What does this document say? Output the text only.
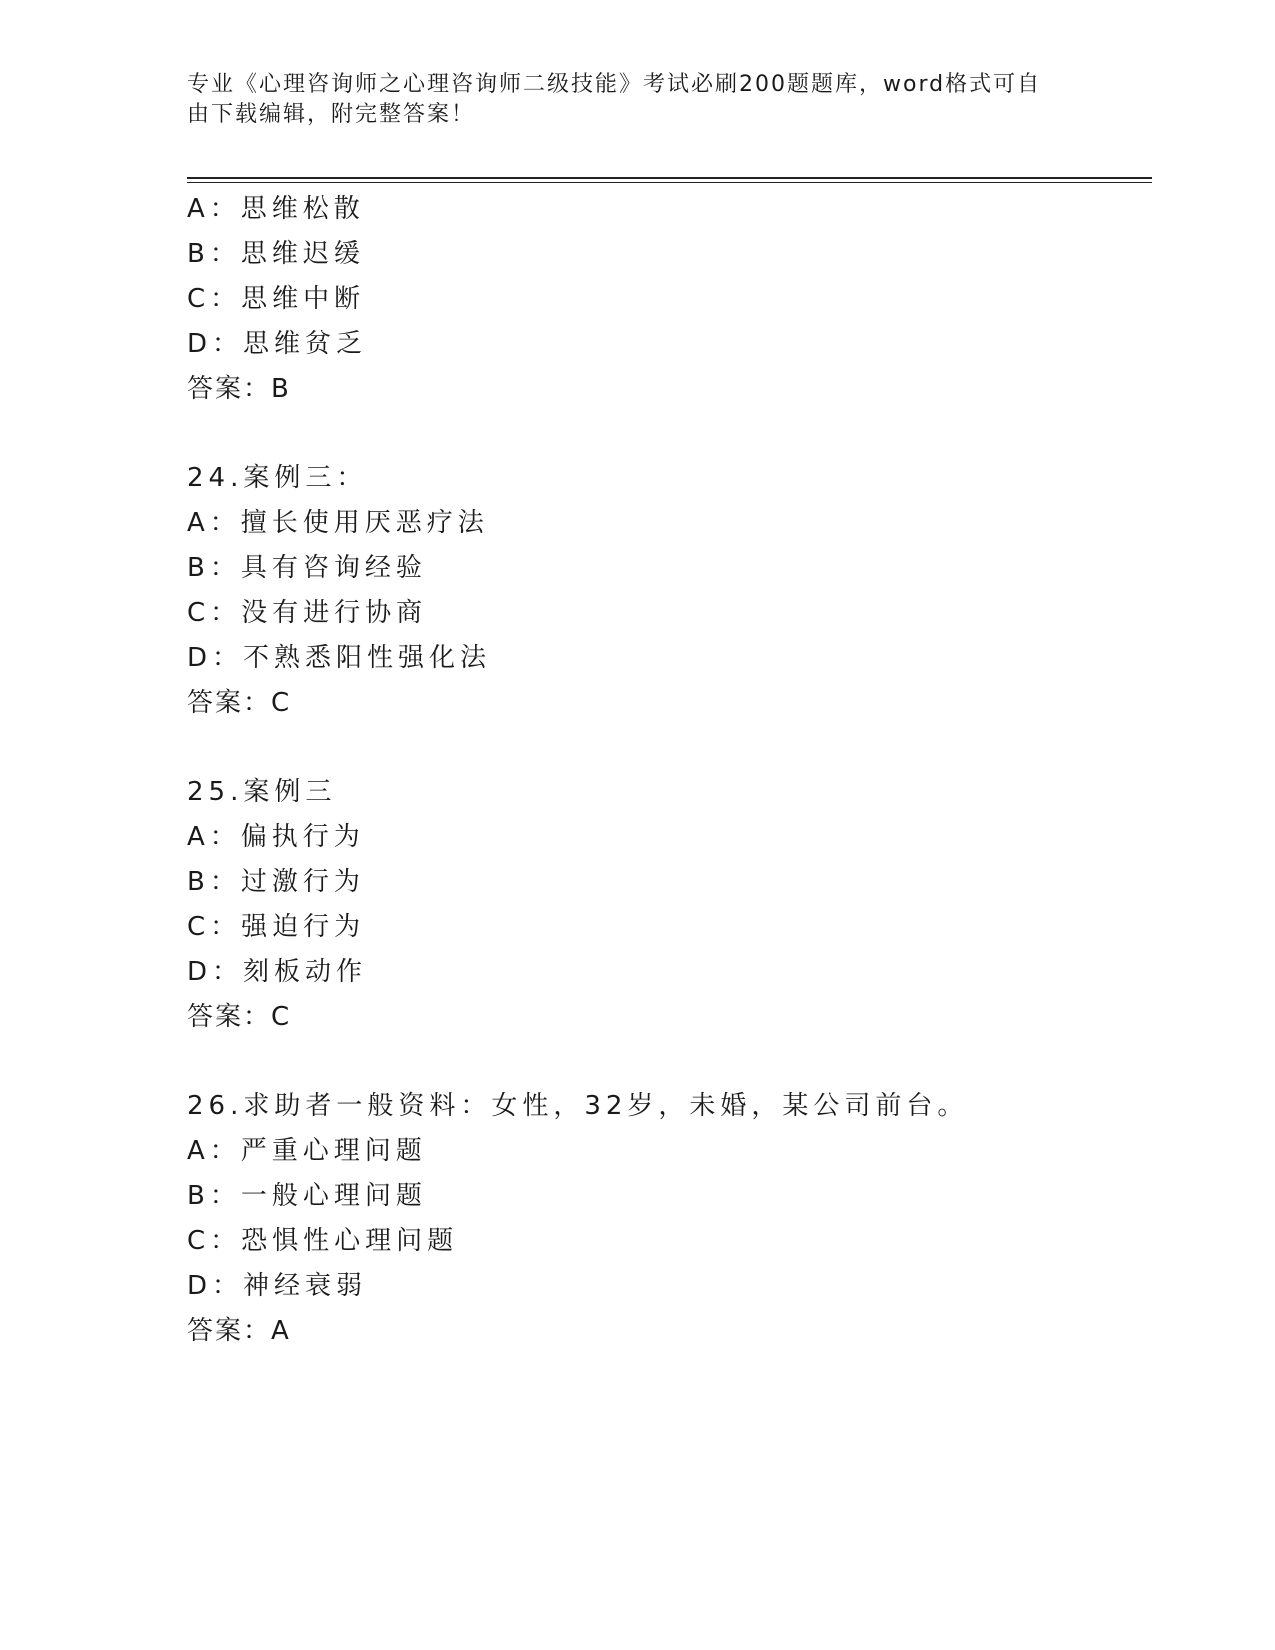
专业《心理咨询师之心理咨询师二级技能》考试必刷200题题库，word格式可自
由下载编辑，附完整答案！
A：思维松散
B：思维迟缓
C：思维中断
D：思维贫乏
答案：B
24.案例三：
A：擅长使用厌恶疗法
B：具有咨询经验
C：没有进行协商
D：不熟悉阳性强化法
答案：C
25.案例三
A：偏执行为
B：过激行为
C：强迫行为
D：刻板动作
答案：C
26.求助者一般资料：女性，32岁，未婚，某公司前台。
A：严重心理问题
B：一般心理问题
C：恐惧性心理问题
D：神经衰弱
答案：A
